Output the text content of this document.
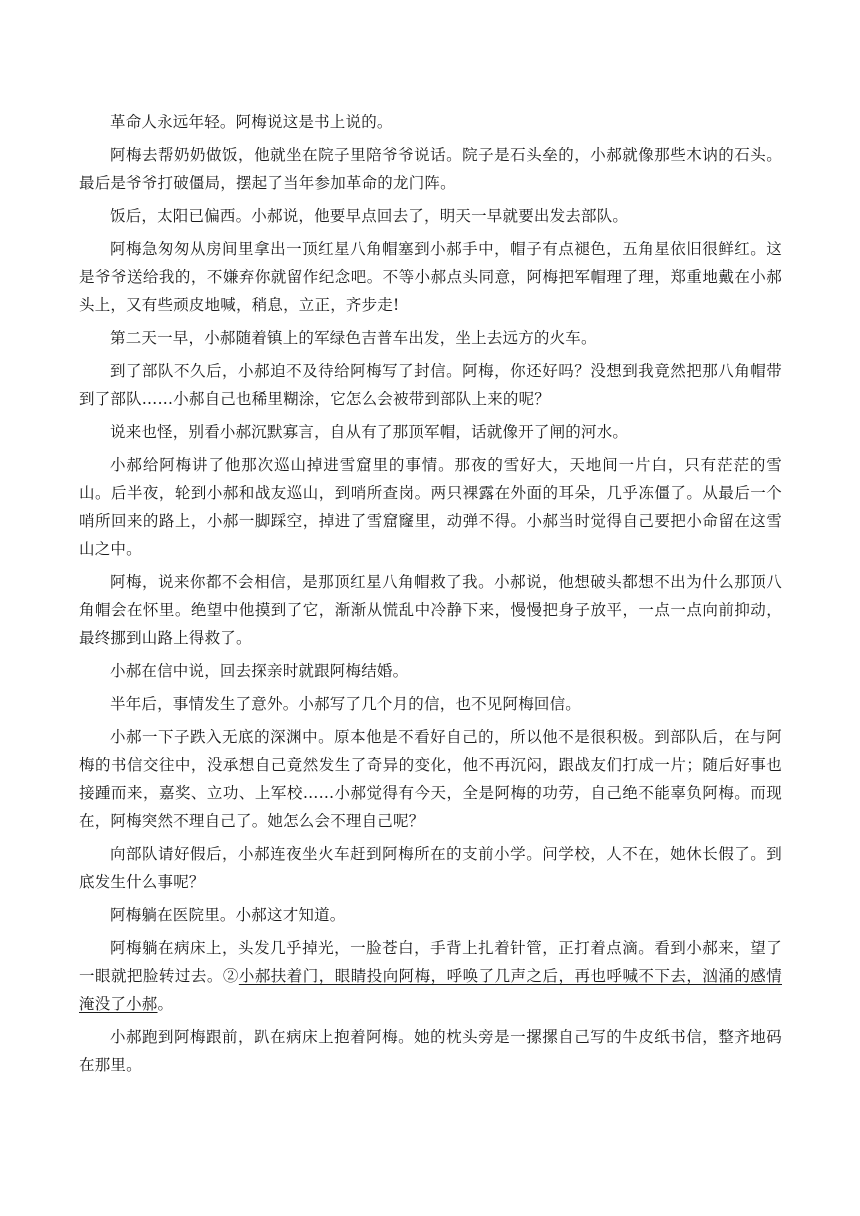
革命人永远年轻。阿梅说这是书上说的。

阿梅去帮奶奶做饭，他就坐在院子里陪爷爷说话。院子是石头垒的，小郝就像那些木讷的石头。最后是爷爷打破僵局，摆起了当年参加革命的龙门阵。

饭后，太阳已偏西。小郝说，他要早点回去了，明天一早就要出发去部队。

阿梅急匆匆从房间里拿出一顶红星八角帽塞到小郝手中，帽子有点褪色，五角星依旧很鲜红。这是爷爷送给我的，不嫌弃你就留作纪念吧。不等小郝点头同意，阿梅把军帽理了理，郑重地戴在小郝头上，又有些顽皮地喊，稍息，立正，齐步走!

第二天一早，小郝随着镇上的军绿色吉普车出发，坐上去远方的火车。

到了部队不久后，小郝迫不及待给阿梅写了封信。阿梅，你还好吗？没想到我竟然把那八角帽带到了部队……小郝自己也稀里糊涂，它怎么会被带到部队上来的呢？

说来也怪，别看小郝沉默寡言，自从有了那顶军帽，话就像开了闸的河水。

小郝给阿梅讲了他那次巡山掉进雪窟里的事情。那夜的雪好大，天地间一片白，只有茫茫的雪山。后半夜，轮到小郝和战友巡山，到哨所查岗。两只裸露在外面的耳朵，几乎冻僵了。从最后一个哨所回来的路上，小郝一脚踩空，掉进了雪窟窿里，动弹不得。小郝当时觉得自己要把小命留在这雪山之中。

阿梅，说来你都不会相信，是那顶红星八角帽救了我。小郝说，他想破头都想不出为什么那顶八角帽会在怀里。绝望中他摸到了它，渐渐从慌乱中冷静下来，慢慢把身子放平，一点一点向前抑动，最终挪到山路上得救了。

小郝在信中说，回去探亲时就跟阿梅结婚。

半年后，事情发生了意外。小郝写了几个月的信，也不见阿梅回信。

小郝一下子跌入无底的深渊中。原本他是不看好自己的，所以他不是很积极。到部队后，在与阿梅的书信交往中，没承想自己竟然发生了奇异的变化，他不再沉闷，跟战友们打成一片；随后好事也接踵而来，嘉奖、立功、上军校……小郝觉得有今天，全是阿梅的功劳，自己绝不能辜负阿梅。而现在，阿梅突然不理自己了。她怎么会不理自己呢？

向部队请好假后，小郝连夜坐火车赶到阿梅所在的支前小学。问学校，人不在，她休长假了。到底发生什么事呢？

阿梅躺在医院里。小郝这才知道。

阿梅躺在病床上，头发几乎掉光，一脸苍白，手背上扎着针管，正打着点滴。看到小郝来，望了一眼就把脸转过去。②小郝扶着门，眼睛投向阿梅，呼唤了几声之后，再也呼喊不下去，汹涌的感情淹没了小郝。

小郝跑到阿梅跟前，趴在病床上抱着阿梅。她的枕头旁是一摞摞自己写的牛皮纸书信，整齐地码在那里。
